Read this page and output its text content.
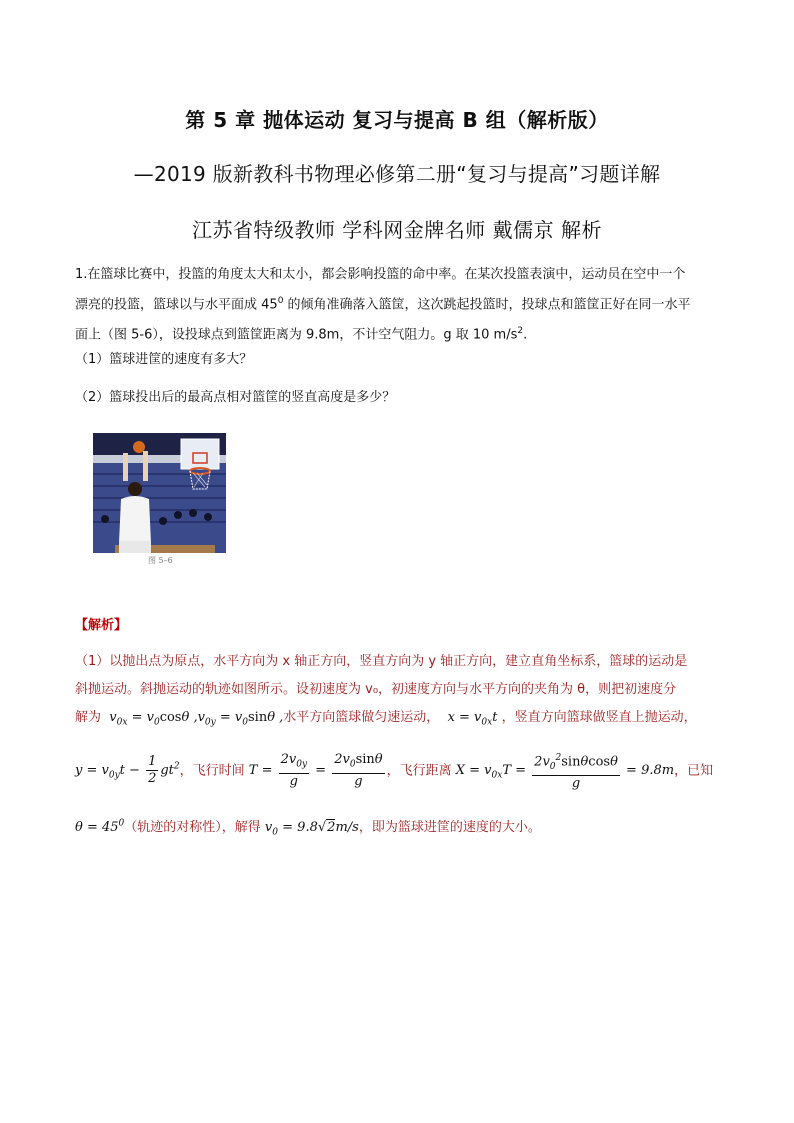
第 5 章 抛体运动 复习与提高 B 组（解析版）
—2019 版新教科书物理必修第二册“复习与提高”习题详解
江苏省特级教师 学科网金牌名师 戴儒京 解析
1.在篮球比赛中，投篮的角度太大和太小，都会影响投篮的命中率。在某次投篮表演中，运动员在空中一个
漂亮的投篮，篮球以与水平面成 $45^0$ 的倾角准确落入篮筐，这次跳起投篮时，投球点和篮筐正好在同一水平
面上（图 5-6），设投球点到篮筐距离为 9.8m，不计空气阻力。g 取 10 $m/s^2$.
（1）篮球进筐的速度有多大？
（2）篮球投出后的最高点相对篮筐的竖直高度是多少？
图 5–6
【解析】
（1）以抛出点为原点，水平方向为 x 轴正方向，竖直方向为 y 轴正方向，建立直角坐标系，篮球的运动是
斜抛运动。斜抛运动的轨迹如图所示。设初速度为 v₀，初速度方向与水平方向的夹角为 θ，则把初速度分
解为  $v_{0x} = v_0\cos\theta$ $,v_{0y} = v_0\sin\theta$ ,水平方向篮球做匀速运动，  $x = v_{0x}t$ ，竖直方向篮球做竖直上抛运动，
$y = v_{0y}t - \frac{1}{2} gt^2$，飞行时间 $T = \frac{2v_{0y}}{g} = \frac{2v_0\sin\theta}{g}$ ，飞行距离 $X = v_{0x}T = \frac{2v_0^2\sin\theta\cos\theta}{g} = 9.8m$，已知
$\theta = 45^0$（轨迹的对称性），解得 $v_0 = 9.8√2m/s$，即为篮球进筐的速度的大小。
